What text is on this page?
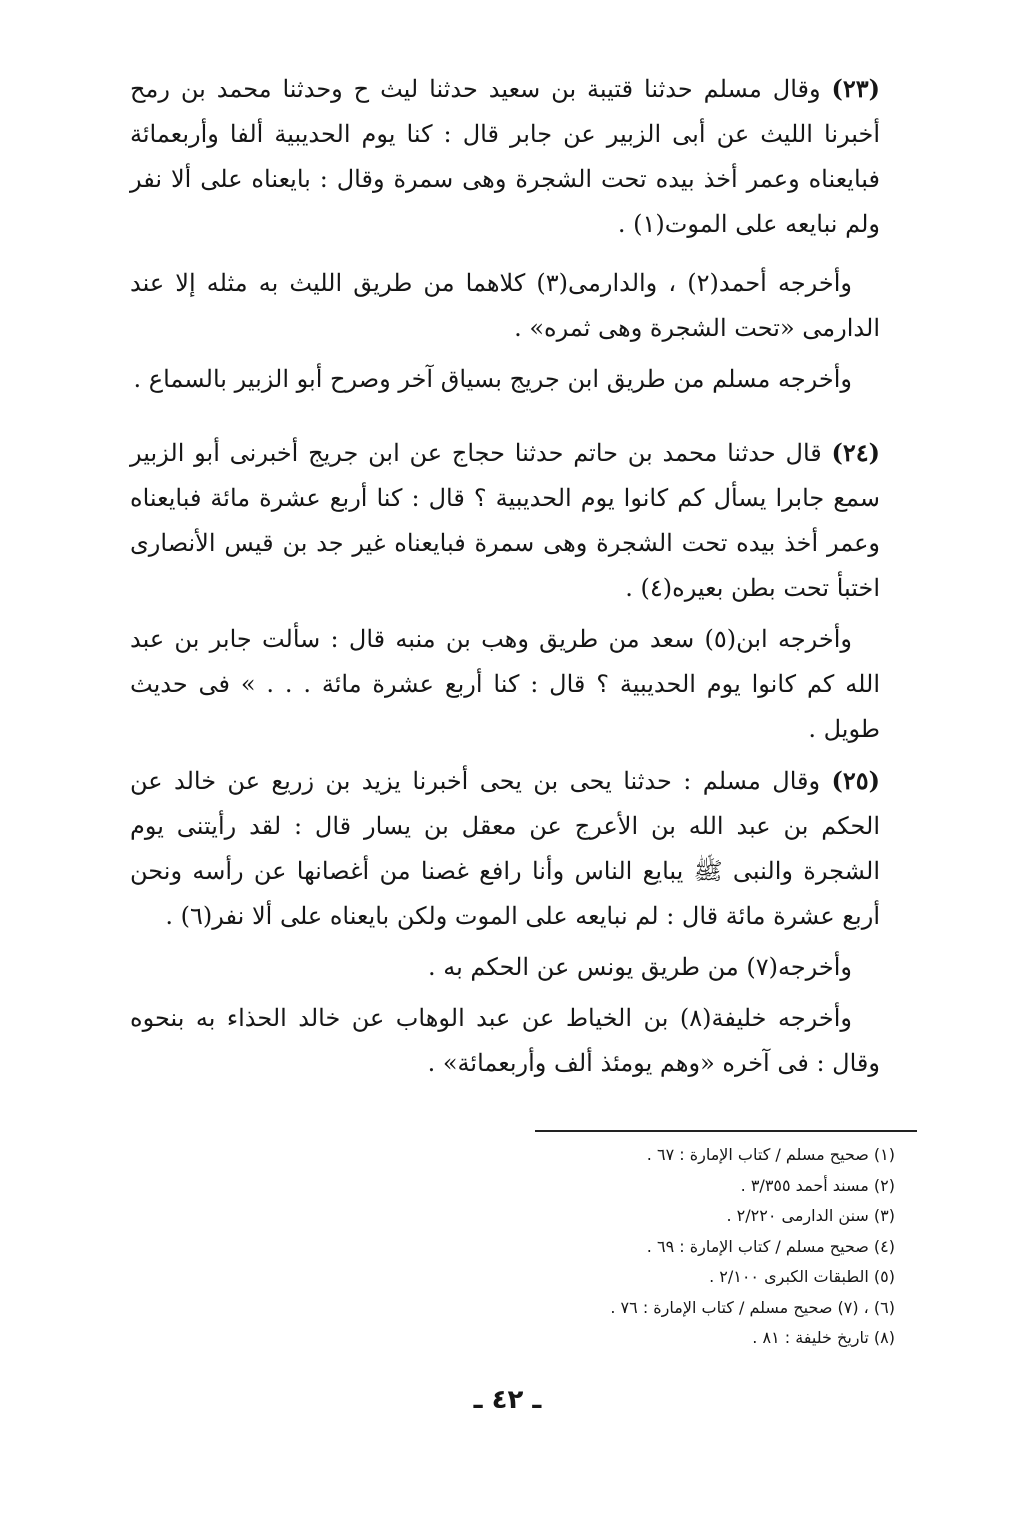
(٢٣) وقال مسلم حدثنا قتيبة بن سعيد حدثنا ليث ح وحدثنا محمد بن رمح أخبرنا الليث عن أبى الزبير عن جابر قال : كنا يوم الحديبية ألفا وأربعمائة فبايعناه وعمر أخذ بيده تحت الشجرة وهى سمرة وقال : بايعناه على ألا نفر ولم نبايعه على الموت(١) .

وأخرجه أحمد(٢) ، والدارمى(٣) كلاهما من طريق الليث به مثله إلا عند الدارمى «تحت الشجرة وهى ثمره» .

وأخرجه مسلم من طريق ابن جريج بسياق آخر وصرح أبو الزبير بالسماع .

(٢٤) قال حدثنا محمد بن حاتم حدثنا حجاج عن ابن جريج أخبرنى أبو الزبير سمع جابرا يسأل كم كانوا يوم الحديبية ؟ قال : كنا أربع عشرة مائة فبايعناه وعمر أخذ بيده تحت الشجرة وهى سمرة فبايعناه غير جد بن قيس الأنصارى اختبأ تحت بطن بعيره(٤) .

وأخرجه ابن(٥) سعد من طريق وهب بن منبه قال : سألت جابر بن عبد الله كم كانوا يوم الحديبية ؟ قال : كنا أربع عشرة مائة . . . » فى حديث طويل .

(٢٥) وقال مسلم : حدثنا يحى بن يحى أخبرنا يزيد بن زريع عن خالد عن الحكم بن عبد الله بن الأعرج عن معقل بن يسار قال : لقد رأيتنى يوم الشجرة والنبى ﷺ يبايع الناس وأنا رافع غصنا من أغصانها عن رأسه ونحن أربع عشرة مائة قال : لم نبايعه على الموت ولكن بايعناه على ألا نفر(٦) .

وأخرجه(٧) من طريق يونس عن الحكم به .

وأخرجه خليفة(٨) بن الخياط عن عبد الوهاب عن خالد الحذاء به بنحوه وقال : فى آخره «وهم يومئذ ألف وأربعمائة» .

(١) صحيح مسلم / كتاب الإمارة : ٦٧ .

(٢) مسند أحمد ٣/٣٥٥ .

(٣) سنن الدارمى ٢/٢٢٠ .

(٤) صحيح مسلم / كتاب الإمارة : ٦٩ .

(٥) الطبقات الكبرى ٢/١٠٠ .

(٦) ، (٧) صحيح مسلم / كتاب الإمارة : ٧٦ .

(٨) تاريخ خليفة : ٨١ .

ـ ٤٢ ـ
